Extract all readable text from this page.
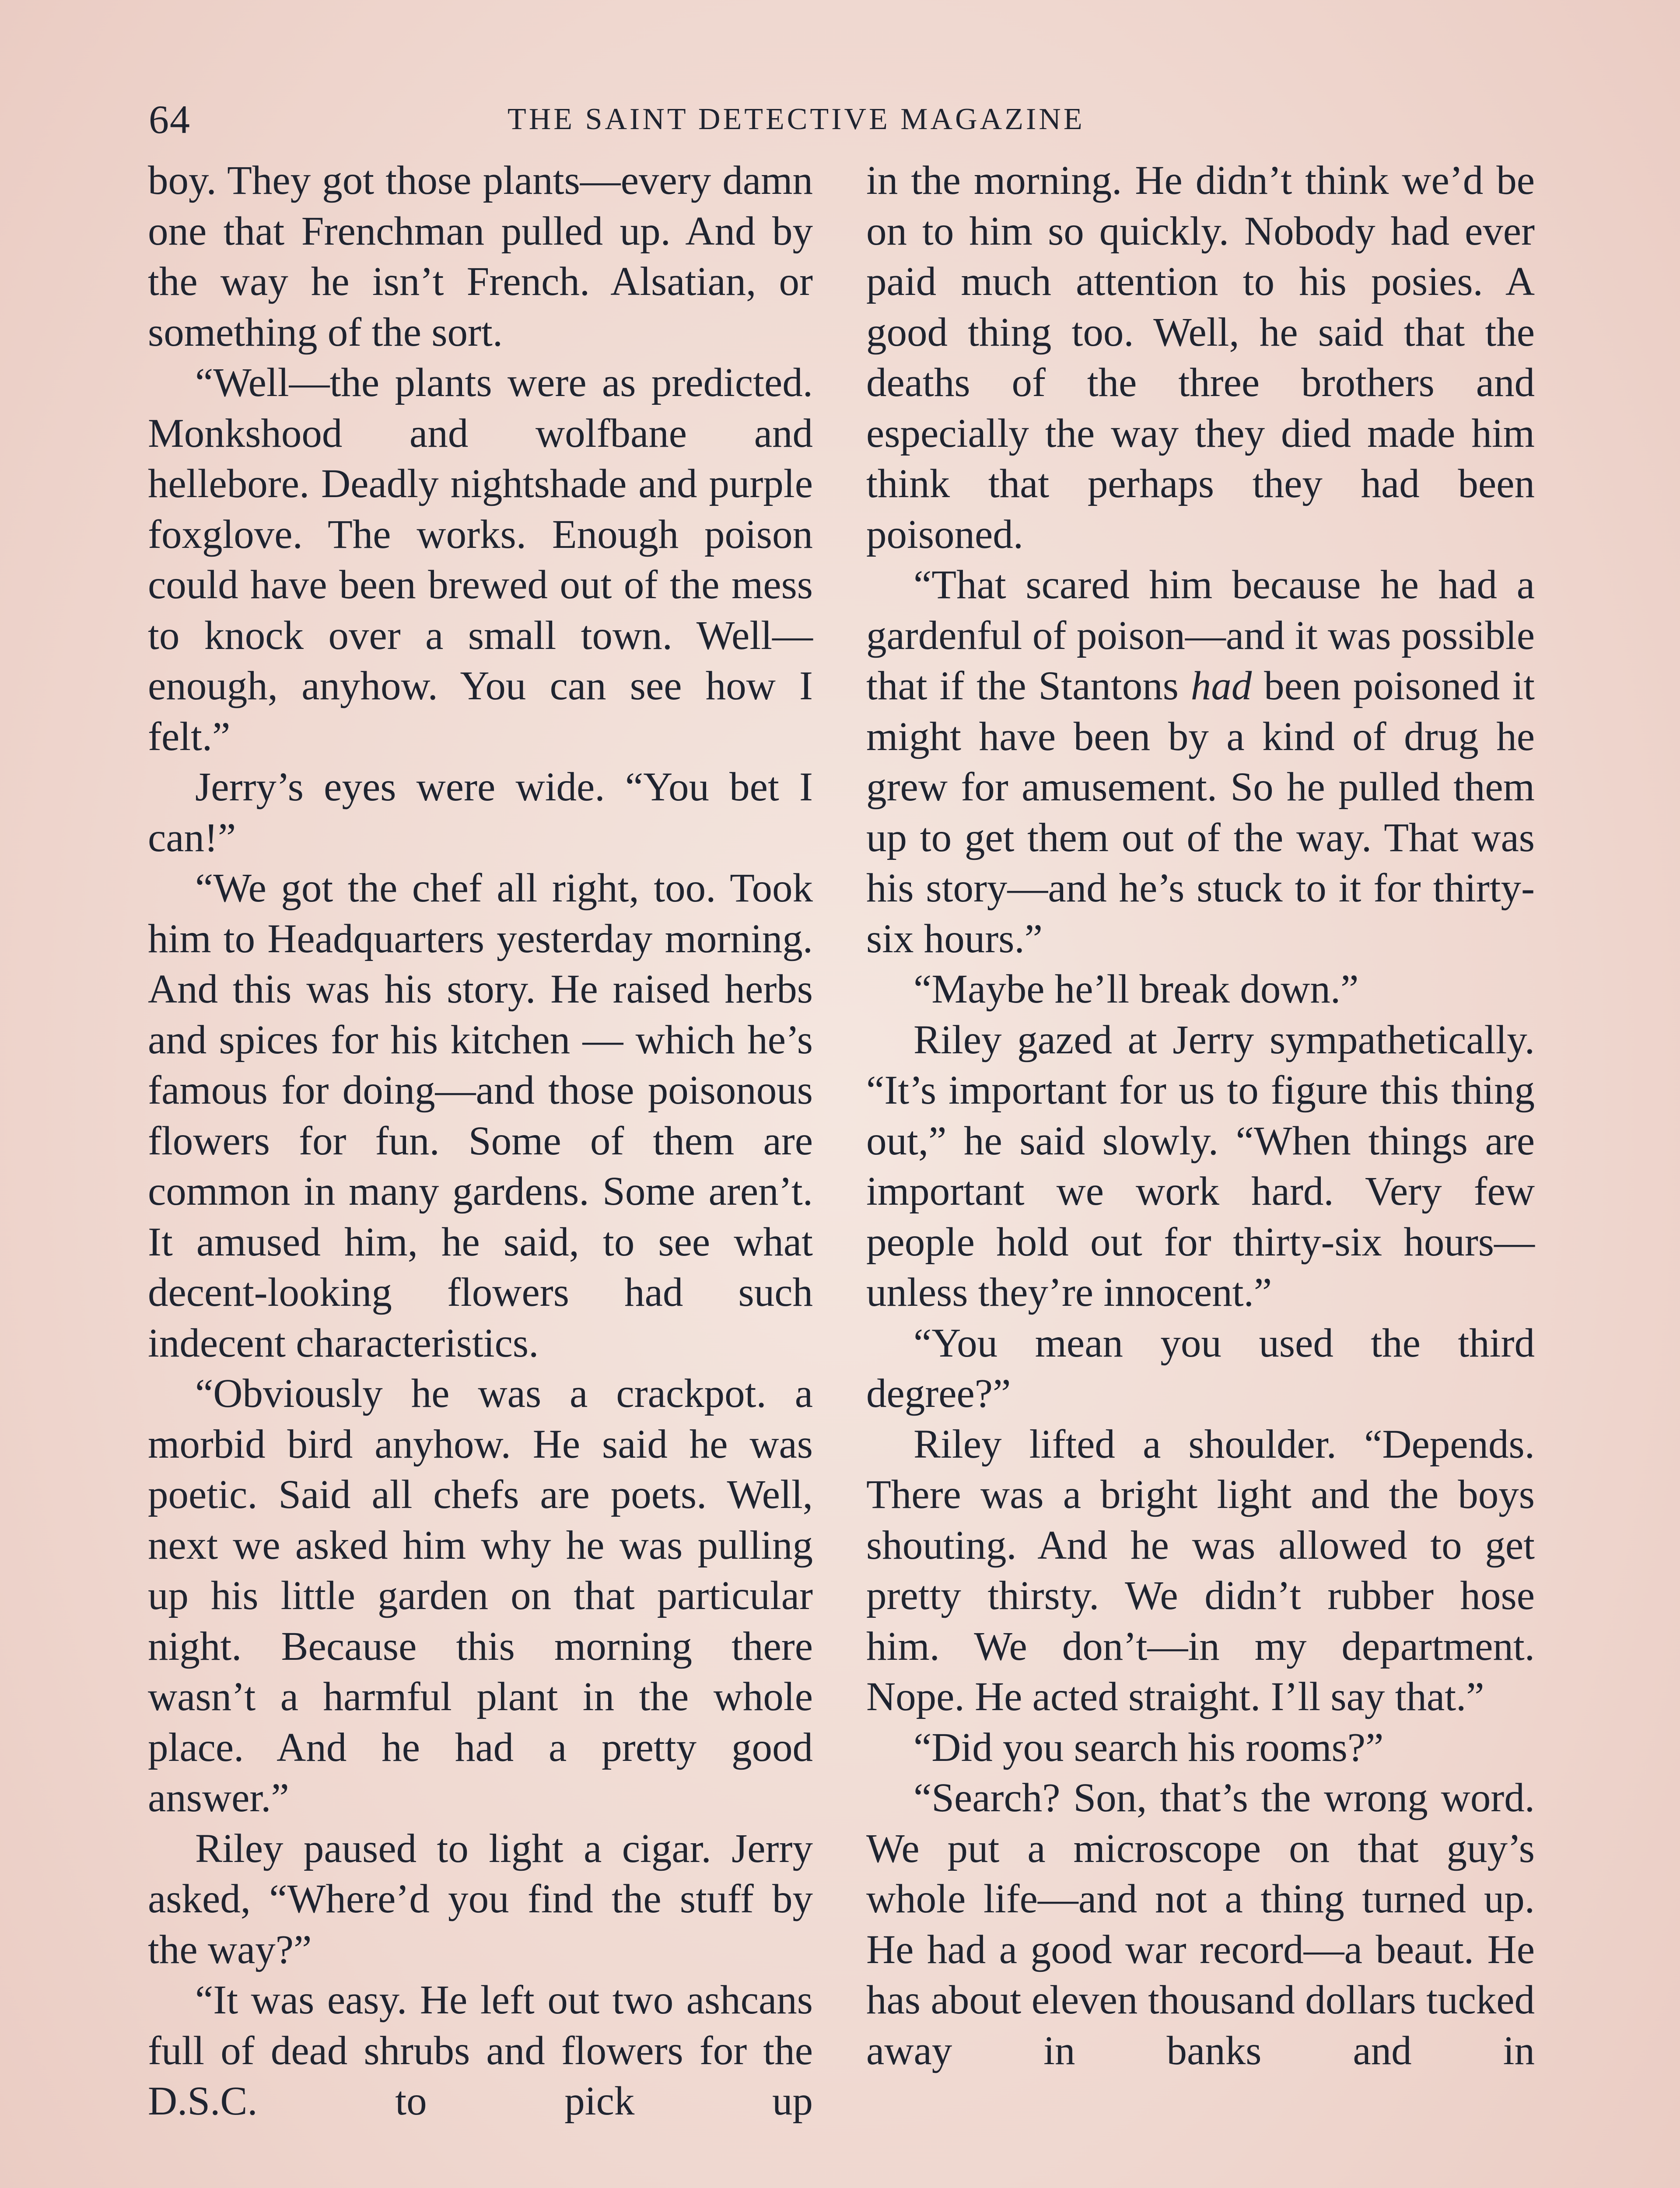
64	THE SAINT DETECTIVE MAGAZINE

boy. They got those plants—every damn one that Frenchman pulled up. And by the way he isn’t French. Alsatian, or something of the sort.

“Well—the plants were as predicted. Monkshood and wolfbane and hellebore. Deadly nightshade and purple foxglove. The works. Enough poison could have been brewed out of the mess to knock over a small town. Well—enough, anyhow. You can see how I felt.”

Jerry’s eyes were wide. “You bet I can!”

“We got the chef all right, too. Took him to Headquarters yesterday morning. And this was his story. He raised herbs and spices for his kitchen — which he’s famous for doing—and those poisonous flowers for fun. Some of them are common in many gardens. Some aren’t. It amused him, he said, to see what decent-looking flowers had such indecent characteristics.

“Obviously he was a crackpot. a morbid bird anyhow. He said he was poetic. Said all chefs are poets. Well, next we asked him why he was pulling up his little garden on that particular night. Because this morning there wasn’t a harmful plant in the whole place. And he had a pretty good answer.”

Riley paused to light a cigar. Jerry asked, “Where’d you find the stuff by the way?”

“It was easy. He left out two ashcans full of dead shrubs and flowers for the D.S.C. to pick up

in the morning. He didn’t think we’d be on to him so quickly. Nobody had ever paid much attention to his posies. A good thing too. Well, he said that the deaths of the three brothers and especially the way they died made him think that perhaps they had been poisoned.

“That scared him because he had a gardenful of poison—and it was possible that if the Stantons had been poisoned it might have been by a kind of drug he grew for amusement. So he pulled them up to get them out of the way. That was his story—and he’s stuck to it for thirty-six hours.”

“Maybe he’ll break down.”

Riley gazed at Jerry sympathetically. “It’s important for us to figure this thing out,” he said slowly. “When things are important we work hard. Very few people hold out for thirty-six hours—unless they’re innocent.”

“You mean you used the third degree?”

Riley lifted a shoulder. “Depends. There was a bright light and the boys shouting. And he was allowed to get pretty thirsty. We didn’t rubber hose him. We don’t—in my department. Nope. He acted straight. I’ll say that.”

“Did you search his rooms?”

“Search? Son, that’s the wrong word. We put a microscope on that guy’s whole life—and not a thing turned up. He had a good war record—a beaut. He has about eleven thousand dollars tucked away in banks and in
